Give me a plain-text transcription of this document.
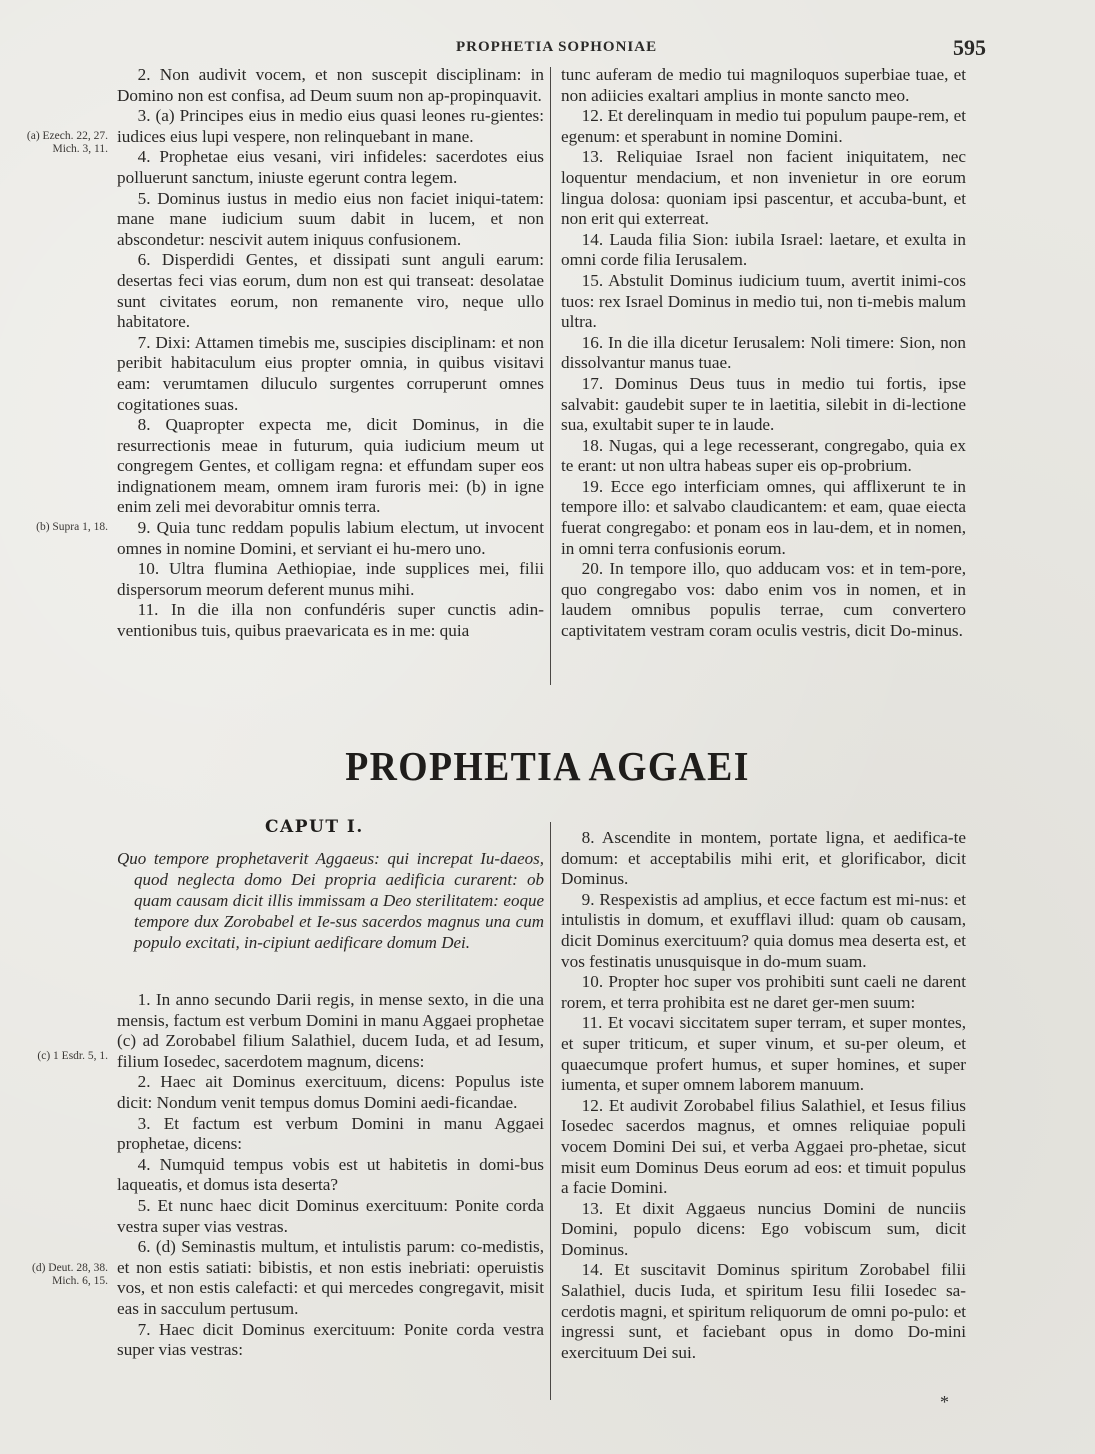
PROPHETIA SOPHONIAE	595

2. Non audivit vocem, et non suscepit disciplinam: in Domino non est confisa, ad Deum suum non ap-propinquavit.

3. (a) Principes eius in medio eius quasi leones ru-gientes: iudices eius lupi vespere, non relinquebant in mane.

4. Prophetae eius vesani, viri infideles: sacerdotes eius polluerunt sanctum, iniuste egerunt contra legem.

5. Dominus iustus in medio eius non faciet iniqui-tatem: mane mane iudicium suum dabit in lucem, et non abscondetur: nescivit autem iniquus confusionem.

6. Disperdidi Gentes, et dissipati sunt anguli earum: desertas feci vias eorum, dum non est qui transeat: desolatae sunt civitates eorum, non remanente viro, neque ullo habitatore.

7. Dixi: Attamen timebis me, suscipies disciplinam: et non peribit habitaculum eius propter omnia, in quibus visitavi eam: verumtamen diluculo surgentes corruperunt omnes cogitationes suas.

8. Quapropter expecta me, dicit Dominus, in die resurrectionis meae in futurum, quia iudicium meum ut congregem Gentes, et colligam regna: et effundam super eos indignationem meam, omnem iram furoris mei: (b) in igne enim zeli mei devorabitur omnis terra.

9. Quia tunc reddam populis labium electum, ut invocent omnes in nomine Domini, et serviant ei hu-mero uno.

10. Ultra flumina Aethiopiae, inde supplices mei, filii dispersorum meorum deferent munus mihi.

11. In die illa non confundéris super cunctis adin-ventionibus tuis, quibus praevaricata es in me: quia

tunc auferam de medio tui magniloquos superbiae tuae, et non adiicies exaltari amplius in monte sancto meo.

12. Et derelinquam in medio tui populum paupe-rem, et egenum: et sperabunt in nomine Domini.

13. Reliquiae Israel non facient iniquitatem, nec loquentur mendacium, et non invenietur in ore eorum lingua dolosa: quoniam ipsi pascentur, et accuba-bunt, et non erit qui exterreat.

14. Lauda filia Sion: iubila Israel: laetare, et exulta in omni corde filia Ierusalem.

15. Abstulit Dominus iudicium tuum, avertit inimi-cos tuos: rex Israel Dominus in medio tui, non ti-mebis malum ultra.

16. In die illa dicetur Ierusalem: Noli timere: Sion, non dissolvantur manus tuae.

17. Dominus Deus tuus in medio tui fortis, ipse salvabit: gaudebit super te in laetitia, silebit in di-lectione sua, exultabit super te in laude.

18. Nugas, qui a lege recesserant, congregabo, quia ex te erant: ut non ultra habeas super eis op-probrium.

19. Ecce ego interficiam omnes, qui afflixerunt te in tempore illo: et salvabo claudicantem: et eam, quae eiecta fuerat congregabo: et ponam eos in lau-dem, et in nomen, in omni terra confusionis eorum.

20. In tempore illo, quo adducam vos: et in tem-pore, quo congregabo vos: dabo enim vos in nomen, et in laudem omnibus populis terrae, cum convertero captivitatem vestram coram oculis vestris, dicit Do-minus.

(a) Ezech. 22, 27. Mich. 3, 11.
(b) Supra 1, 18.
(c) 1 Esdr. 5, 1.
(d) Deut. 28, 38. Mich. 6, 15.
PROPHETIA AGGAEI
CAPUT I.
Quo tempore prophetaverit Aggaeus: qui increpat Iu-daeos, quod neglecta domo Dei propria aedificia curarent: ob quam causam dicit illis immissam a Deo sterilitatem: eoque tempore dux Zorobabel et Ie-sus sacerdos magnus una cum populo excitati, in-cipiunt aedificare domum Dei.

1. In anno secundo Darii regis, in mense sexto, in die una mensis, factum est verbum Domini in manu Aggaei prophetae (c) ad Zorobabel filium Salathiel, ducem Iuda, et ad Iesum, filium Iosedec, sacerdotem magnum, dicens:

2. Haec ait Dominus exercituum, dicens: Populus iste dicit: Nondum venit tempus domus Domini aedi-ficandae.

3. Et factum est verbum Domini in manu Aggaei prophetae, dicens:

4. Numquid tempus vobis est ut habitetis in domi-bus laqueatis, et domus ista deserta?

5. Et nunc haec dicit Dominus exercituum: Ponite corda vestra super vias vestras.

6. (d) Seminastis multum, et intulistis parum: co-medistis, et non estis satiati: bibistis, et non estis inebriati: operuistis vos, et non estis calefacti: et qui mercedes congregavit, misit eas in sacculum pertusum.

7. Haec dicit Dominus exercituum: Ponite corda vestra super vias vestras:

8. Ascendite in montem, portate ligna, et aedifica-te domum: et acceptabilis mihi erit, et glorificabor, dicit Dominus.

9. Respexistis ad amplius, et ecce factum est mi-nus: et intulistis in domum, et exufflavi illud: quam ob causam, dicit Dominus exercituum? quia domus mea deserta est, et vos festinatis unusquisque in do-mum suam.

10. Propter hoc super vos prohibiti sunt caeli ne darent rorem, et terra prohibita est ne daret ger-men suum:

11. Et vocavi siccitatem super terram, et super montes, et super triticum, et super vinum, et su-per oleum, et quaecumque profert humus, et super homines, et super iumenta, et super omnem laborem manuum.

12. Et audivit Zorobabel filius Salathiel, et Iesus filius Iosedec sacerdos magnus, et omnes reliquiae populi vocem Domini Dei sui, et verba Aggaei pro-phetae, sicut misit eum Dominus Deus eorum ad eos: et timuit populus a facie Domini.

13. Et dixit Aggaeus nuncius Domini de nunciis Domini, populo dicens: Ego vobiscum sum, dicit Dominus.

14. Et suscitavit Dominus spiritum Zorobabel filii Salathiel, ducis Iuda, et spiritum Iesu filii Iosedec sa-cerdotis magni, et spiritum reliquorum de omni po-pulo: et ingressi sunt, et faciebant opus in domo Do-mini exercituum Dei sui.

*
